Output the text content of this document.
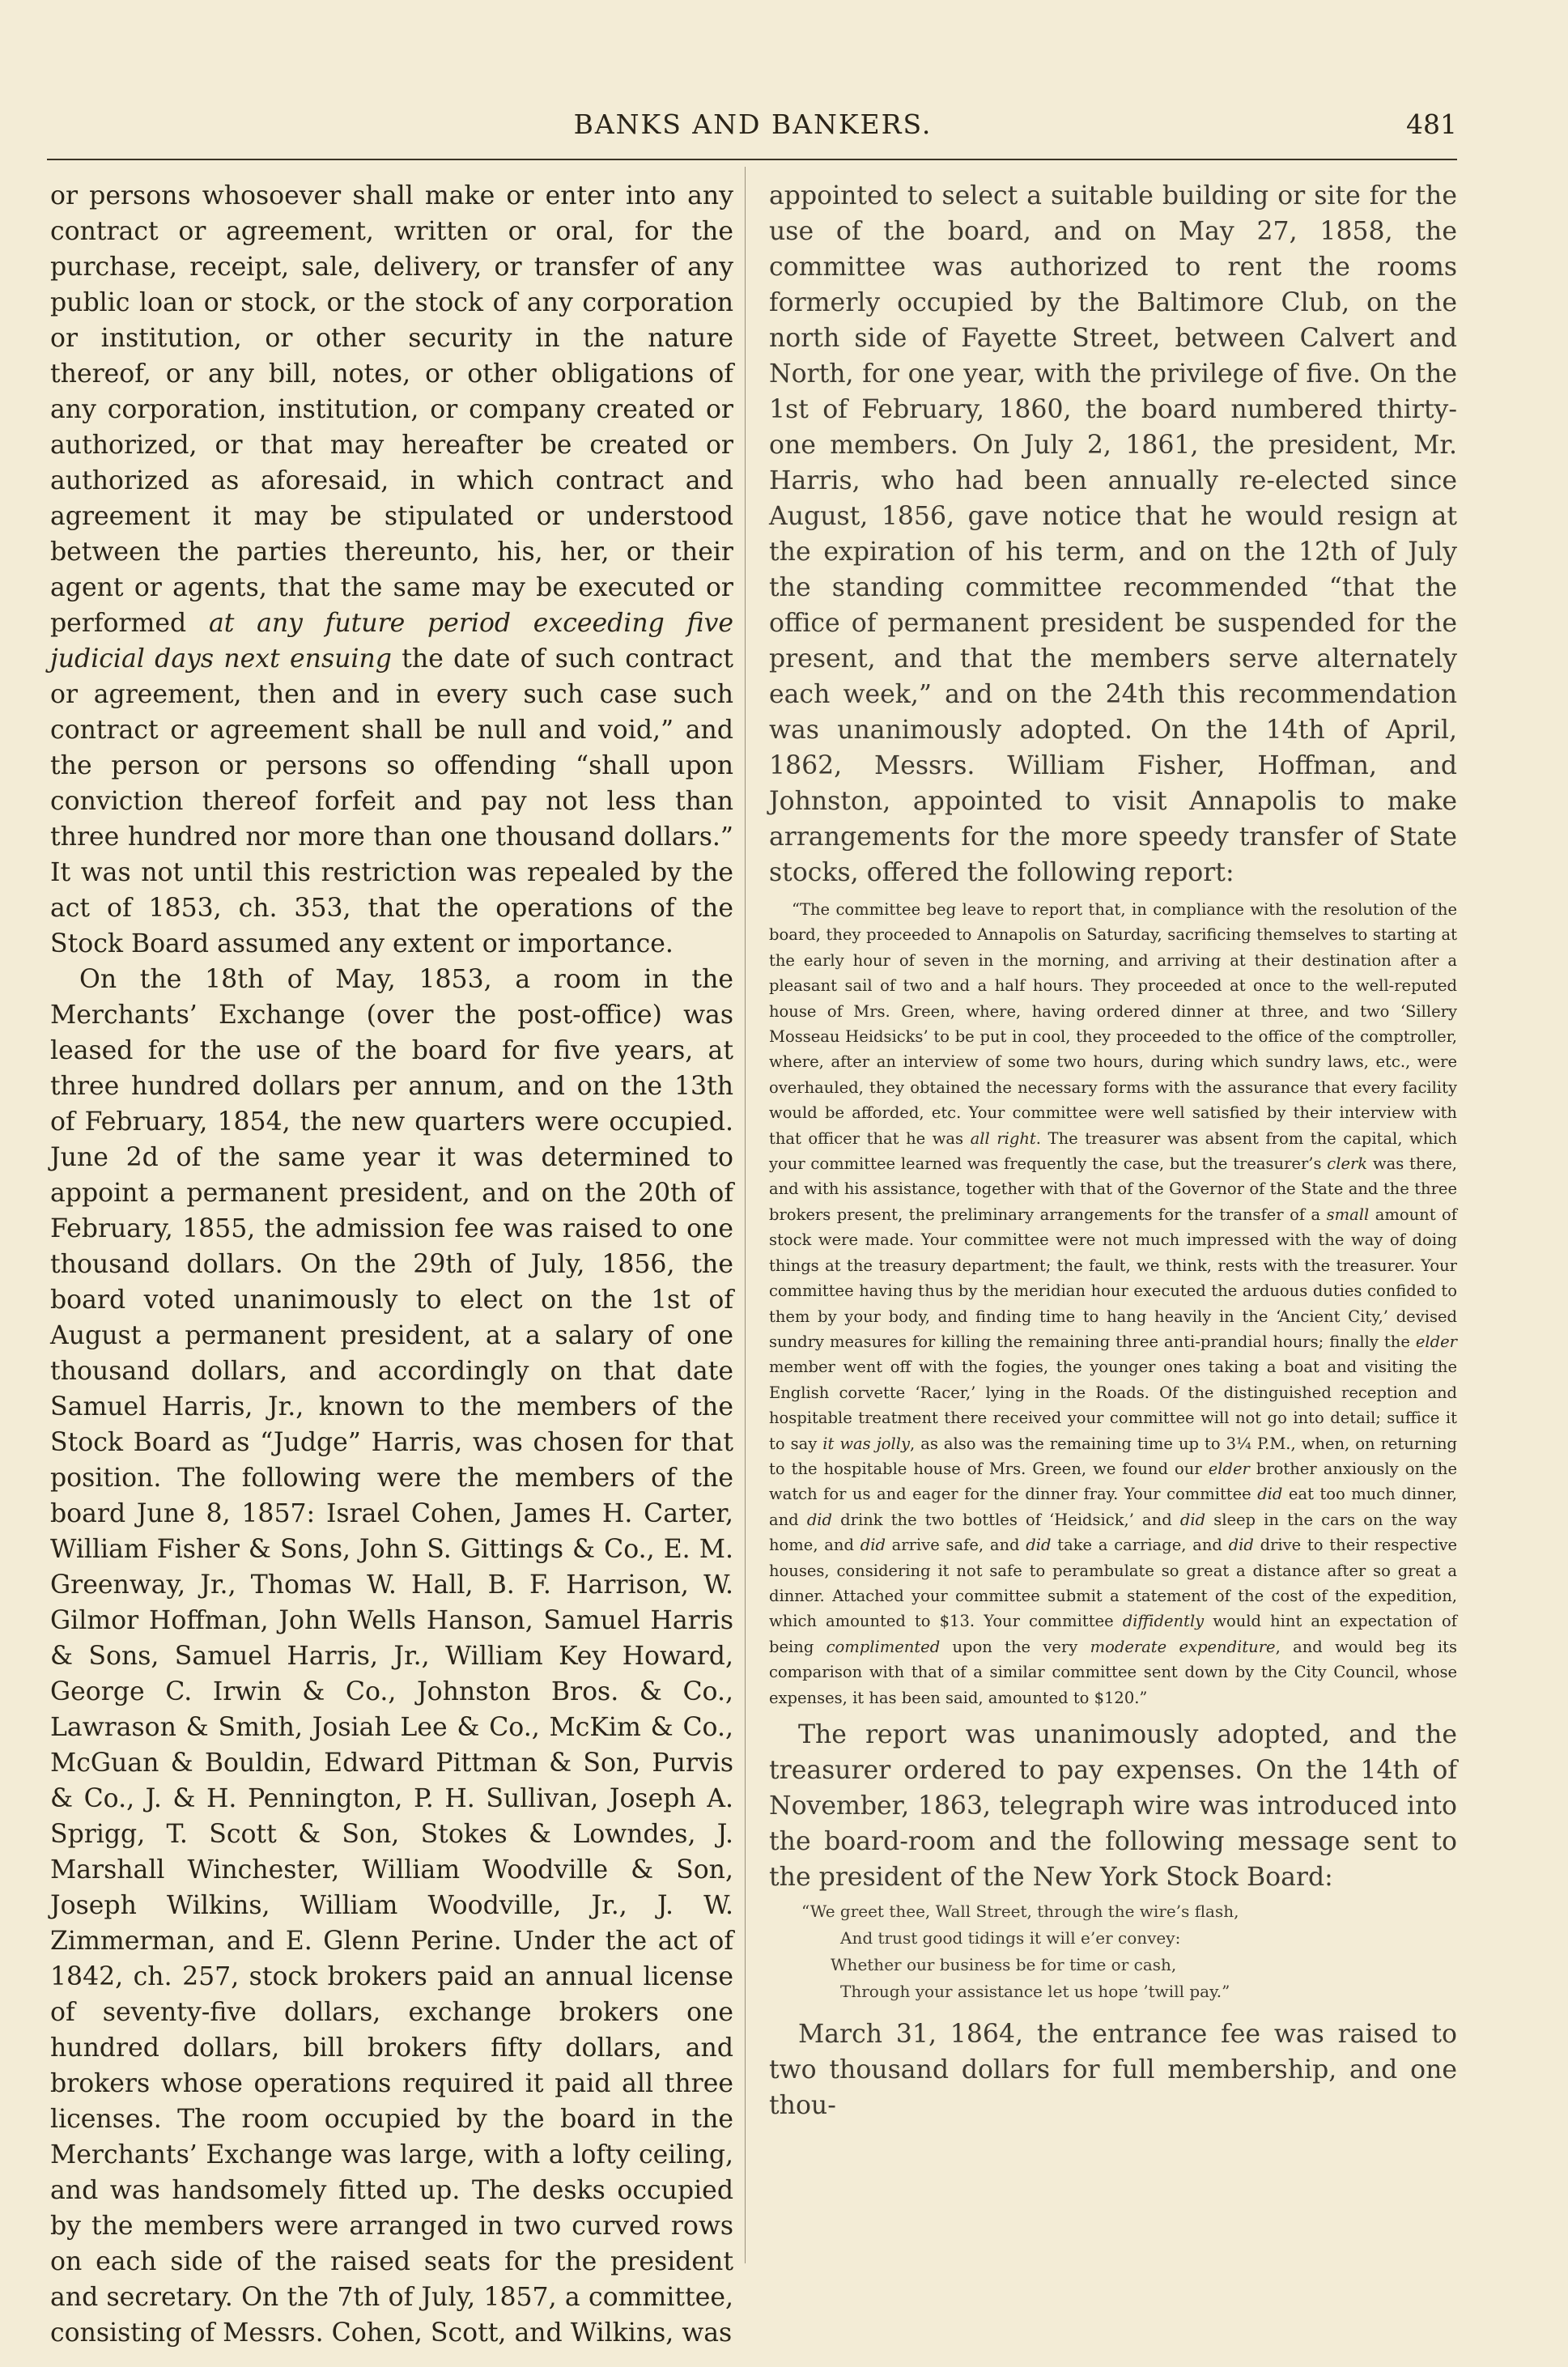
BANKS AND BANKERS.	481

or persons whosoever shall make or enter into any contract or agreement, written or oral, for the purchase, receipt, sale, delivery, or transfer of any public loan or stock, or the stock of any corporation or institution, or other security in the nature thereof, or any bill, notes, or other obligations of any corporation, institution, or company created or authorized, or that may hereafter be created or authorized as aforesaid, in which contract and agreement it may be stipulated or understood between the parties thereunto, his, her, or their agent or agents, that the same may be executed or performed at any future period exceeding five judicial days next ensuing the date of such contract or agreement, then and in every such case such contract or agreement shall be null and void,” and the person or persons so offending “shall upon conviction thereof forfeit and pay not less than three hundred nor more than one thousand dollars.” It was not until this restriction was repealed by the act of 1853, ch. 353, that the operations of the Stock Board assumed any extent or importance.

On the 18th of May, 1853, a room in the Merchants’ Exchange (over the post-office) was leased for the use of the board for five years, at three hundred dollars per annum, and on the 13th of February, 1854, the new quarters were occupied. June 2d of the same year it was determined to appoint a permanent president, and on the 20th of February, 1855, the admission fee was raised to one thousand dollars. On the 29th of July, 1856, the board voted unanimously to elect on the 1st of August a permanent president, at a salary of one thousand dollars, and accordingly on that date Samuel Harris, Jr., known to the members of the Stock Board as “Judge” Harris, was chosen for that position. The following were the members of the board June 8, 1857: Israel Cohen, James H. Carter, William Fisher & Sons, John S. Gittings & Co., E. M. Greenway, Jr., Thomas W. Hall, B. F. Harrison, W. Gilmor Hoffman, John Wells Hanson, Samuel Harris & Sons, Samuel Harris, Jr., William Key Howard, George C. Irwin & Co., Johnston Bros. & Co., Lawrason & Smith, Josiah Lee & Co., McKim & Co., McGuan & Bouldin, Edward Pittman & Son, Purvis & Co., J. & H. Pennington, P. H. Sullivan, Joseph A. Sprigg, T. Scott & Son, Stokes & Lowndes, J. Marshall Winchester, William Woodville & Son, Joseph Wilkins, William Woodville, Jr., J. W. Zimmerman, and E. Glenn Perine. Under the act of 1842, ch. 257, stock brokers paid an annual license of seventy-five dollars, exchange brokers one hundred dollars, bill brokers fifty dollars, and brokers whose operations required it paid all three licenses. The room occupied by the board in the Merchants’ Exchange was large, with a lofty ceiling, and was handsomely fitted up. The desks occupied by the members were arranged in two curved rows on each side of the raised seats for the president and secretary. On the 7th of July, 1857, a committee, consisting of Messrs. Cohen, Scott, and Wilkins, was

appointed to select a suitable building or site for the use of the board, and on May 27, 1858, the committee was authorized to rent the rooms formerly occupied by the Baltimore Club, on the north side of Fayette Street, between Calvert and North, for one year, with the privilege of five. On the 1st of February, 1860, the board numbered thirty-one members. On July 2, 1861, the president, Mr. Harris, who had been annually re-elected since August, 1856, gave notice that he would resign at the expiration of his term, and on the 12th of July the standing committee recommended “that the office of permanent president be suspended for the present, and that the members serve alternately each week,” and on the 24th this recommendation was unanimously adopted. On the 14th of April, 1862, Messrs. William Fisher, Hoffman, and Johnston, appointed to visit Annapolis to make arrangements for the more speedy transfer of State stocks, offered the following report:

“The committee beg leave to report that, in compliance with the resolution of the board, they proceeded to Annapolis on Saturday, sacrificing themselves to starting at the early hour of seven in the morning, and arriving at their destination after a pleasant sail of two and a half hours. They proceeded at once to the well-reputed house of Mrs. Green, where, having ordered dinner at three, and two ‘Sillery Mosseau Heidsicks’ to be put in cool, they proceeded to the office of the comptroller, where, after an interview of some two hours, during which sundry laws, etc., were overhauled, they obtained the necessary forms with the assurance that every facility would be afforded, etc. Your committee were well satisfied by their interview with that officer that he was all right. The treasurer was absent from the capital, which your committee learned was frequently the case, but the treasurer’s clerk was there, and with his assistance, together with that of the Governor of the State and the three brokers present, the preliminary arrangements for the transfer of a small amount of stock were made. Your committee were not much impressed with the way of doing things at the treasury department; the fault, we think, rests with the treasurer. Your committee having thus by the meridian hour executed the arduous duties confided to them by your body, and finding time to hang heavily in the ‘Ancient City,’ devised sundry measures for killing the remaining three anti-prandial hours; finally the elder member went off with the fogies, the younger ones taking a boat and visiting the English corvette ‘Racer,’ lying in the Roads. Of the distinguished reception and hospitable treatment there received your committee will not go into detail; suffice it to say it was jolly, as also was the remaining time up to 3¼ P.M., when, on returning to the hospitable house of Mrs. Green, we found our elder brother anxiously on the watch for us and eager for the dinner fray. Your committee did eat too much dinner, and did drink the two bottles of ‘Heidsick,’ and did sleep in the cars on the way home, and did arrive safe, and did take a carriage, and did drive to their respective houses, considering it not safe to perambulate so great a distance after so great a dinner. Attached your committee submit a statement of the cost of the expedition, which amounted to $13. Your committee diffidently would hint an expectation of being complimented upon the very moderate expenditure, and would beg its comparison with that of a similar committee sent down by the City Council, whose expenses, it has been said, amounted to $120.”

The report was unanimously adopted, and the treasurer ordered to pay expenses. On the 14th of November, 1863, telegraph wire was introduced into the board-room and the following message sent to the president of the New York Stock Board:

“We greet thee, Wall Street, through the wire’s flash,
And trust good tidings it will e’er convey:
Whether our business be for time or cash,
Through your assistance let us hope ’twill pay.”

March 31, 1864, the entrance fee was raised to two thousand dollars for full membership, and one thou-
